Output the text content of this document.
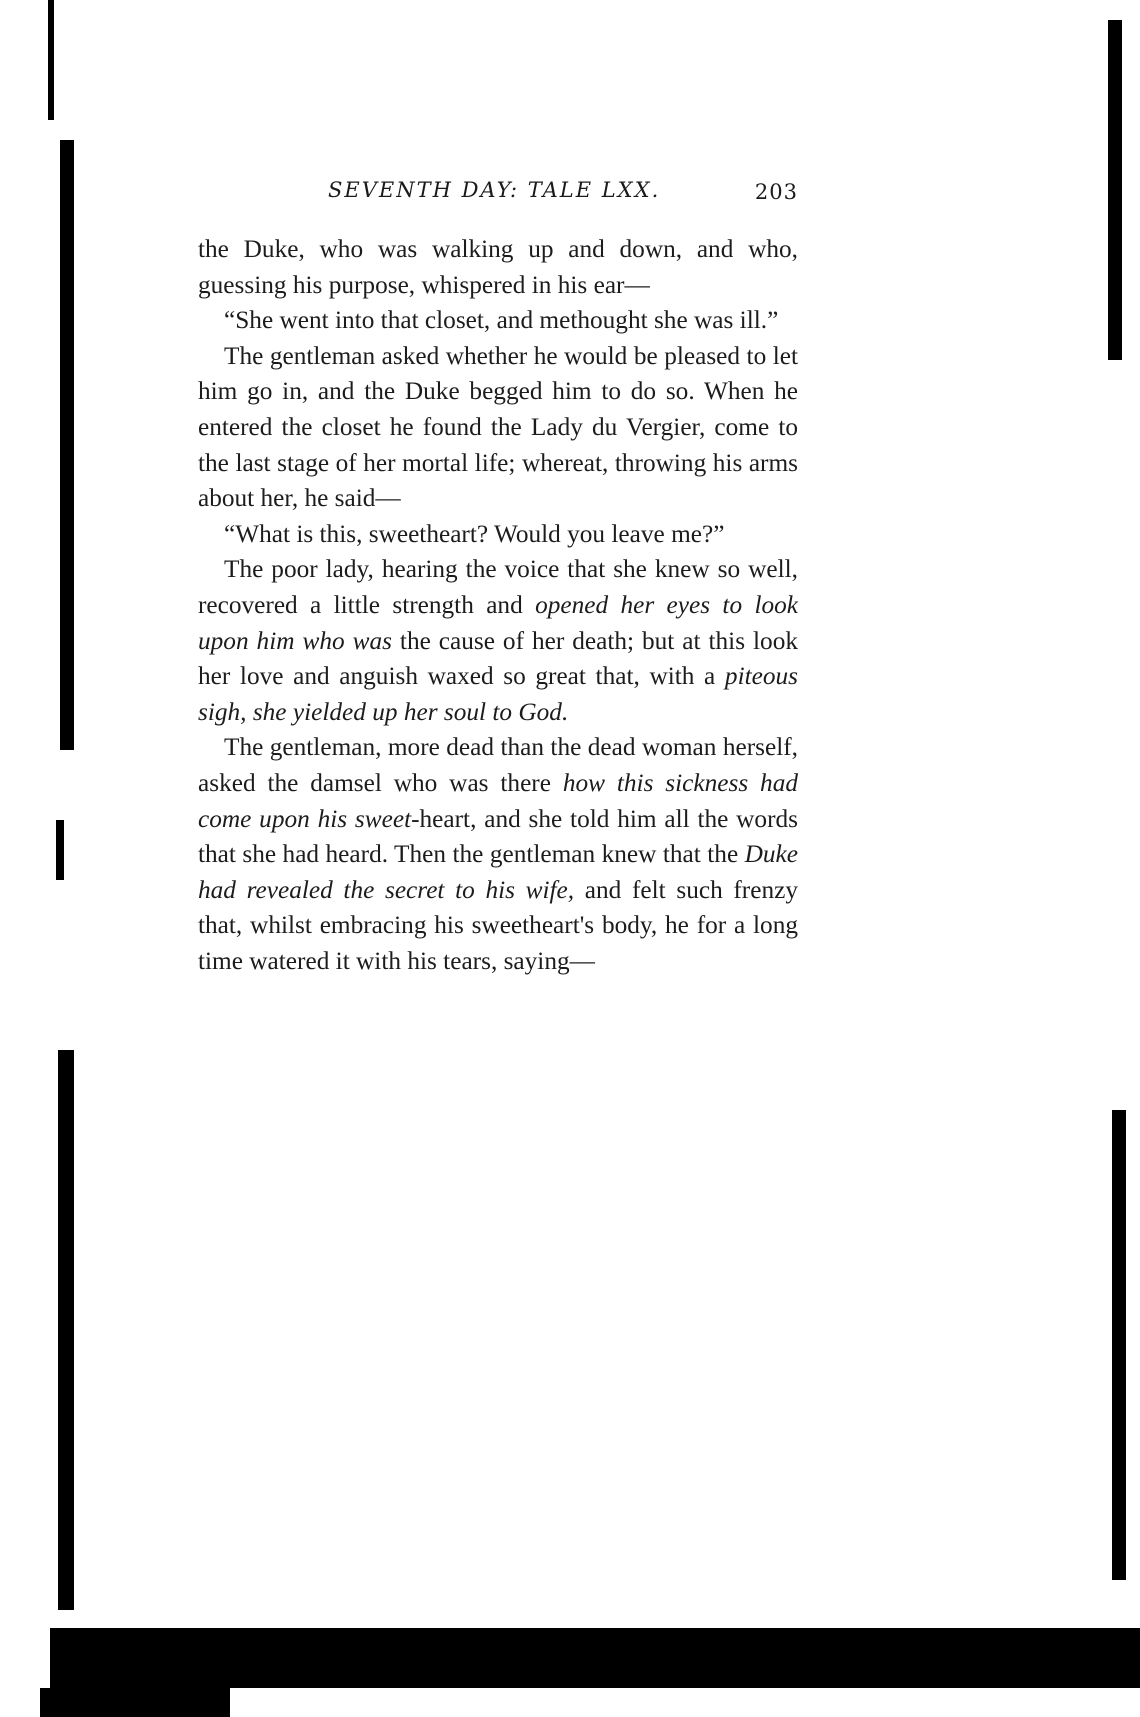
SEVENTH DAY: TALE LXX.	203

the Duke, who was walking up and down, and who, guessing his purpose, whispered in his ear—

“She went into that closet, and methought she was ill.”

The gentleman asked whether he would be pleased to let him go in, and the Duke begged him to do so. When he entered the closet he found the Lady du Vergier, come to the last stage of her mortal life; whereat, throwing his arms about her, he said—

“What is this, sweetheart? Would you leave me?”

The poor lady, hearing the voice that she knew so well, recovered a little strength and opened her eyes to look upon him who was the cause of her death; but at this look her love and anguish waxed so great that, with a piteous sigh, she yielded up her soul to God.

The gentleman, more dead than the dead woman herself, asked the damsel who was there how this sickness had come upon his sweet-heart, and she told him all the words that she had heard. Then the gentleman knew that the Duke had revealed the secret to his wife, and felt such frenzy that, whilst embracing his sweetheart's body, he for a long time watered it with his tears, saying—
